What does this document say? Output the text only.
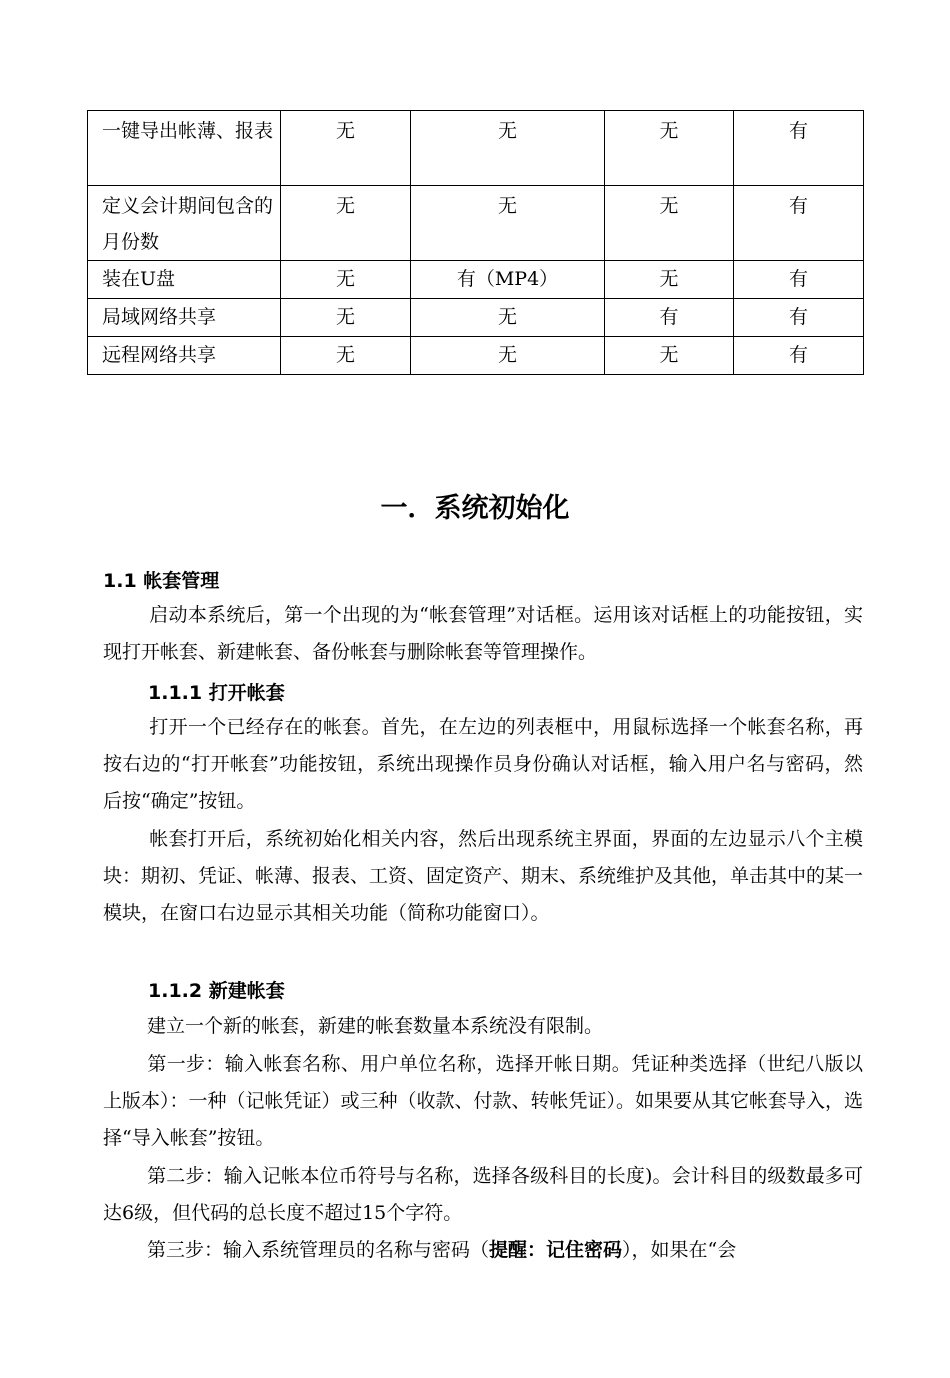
一键导出帐薄、报表	无	无	无	有
定义会计期间包含的月份数	无	无	无	有
装在U盘	无	有（MP4）	无	有
局域网络共享	无	无	有	有
远程网络共享	无	无	无	有
一．系统初始化
1.1 帐套管理
启动本系统后，第一个出现的为“帐套管理”对话框。运用该对话框上的功能按钮，实现打开帐套、新建帐套、备份帐套与删除帐套等管理操作。
1.1.1 打开帐套
打开一个已经存在的帐套。首先，在左边的列表框中，用鼠标选择一个帐套名称，再按右边的“打开帐套”功能按钮，系统出现操作员身份确认对话框，输入用户名与密码，然后按“确定”按钮。
帐套打开后，系统初始化相关内容，然后出现系统主界面，界面的左边显示八个主模块：期初、凭证、帐薄、报表、工资、固定资产、期末、系统维护及其他，单击其中的某一模块，在窗口右边显示其相关功能（简称功能窗口）。
1.1.2 新建帐套
建立一个新的帐套，新建的帐套数量本系统没有限制。
第一步：输入帐套名称、用户单位名称，选择开帐日期。凭证种类选择（世纪八版以上版本）：一种（记帐凭证）或三种（收款、付款、转帐凭证）。如果要从其它帐套导入，选择“导入帐套”按钮。
第二步：输入记帐本位币符号与名称，选择各级科目的长度)。会计科目的级数最多可达6级，但代码的总长度不超过15个字符。
第三步：输入系统管理员的名称与密码（提醒：记住密码），如果在“会
